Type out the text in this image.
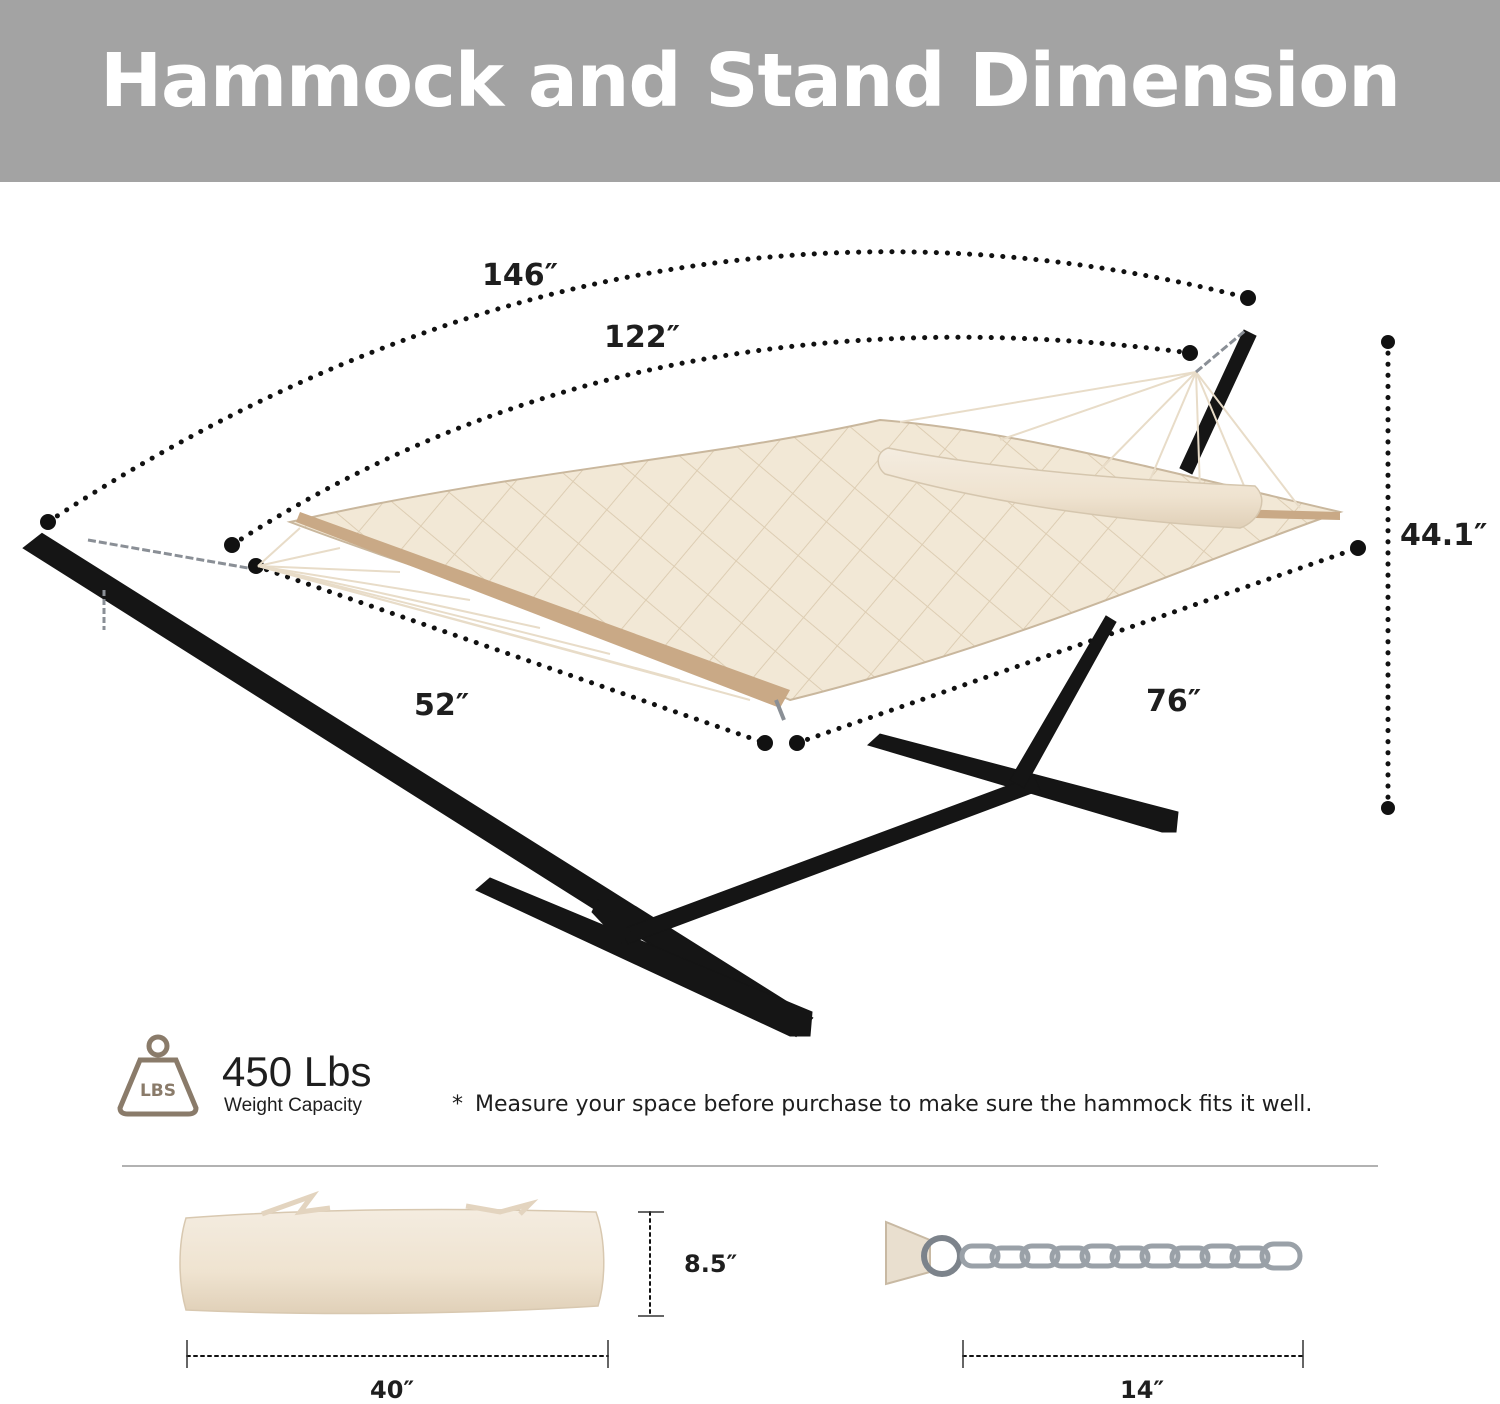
Hammock and Stand Dimension
LBS
146″
122″
44.1″
52″	76″
450 Lbs
Weight Capacity	* Measure your space before purchase to make sure the hammock fits it well.
8.5″
40″	14″
